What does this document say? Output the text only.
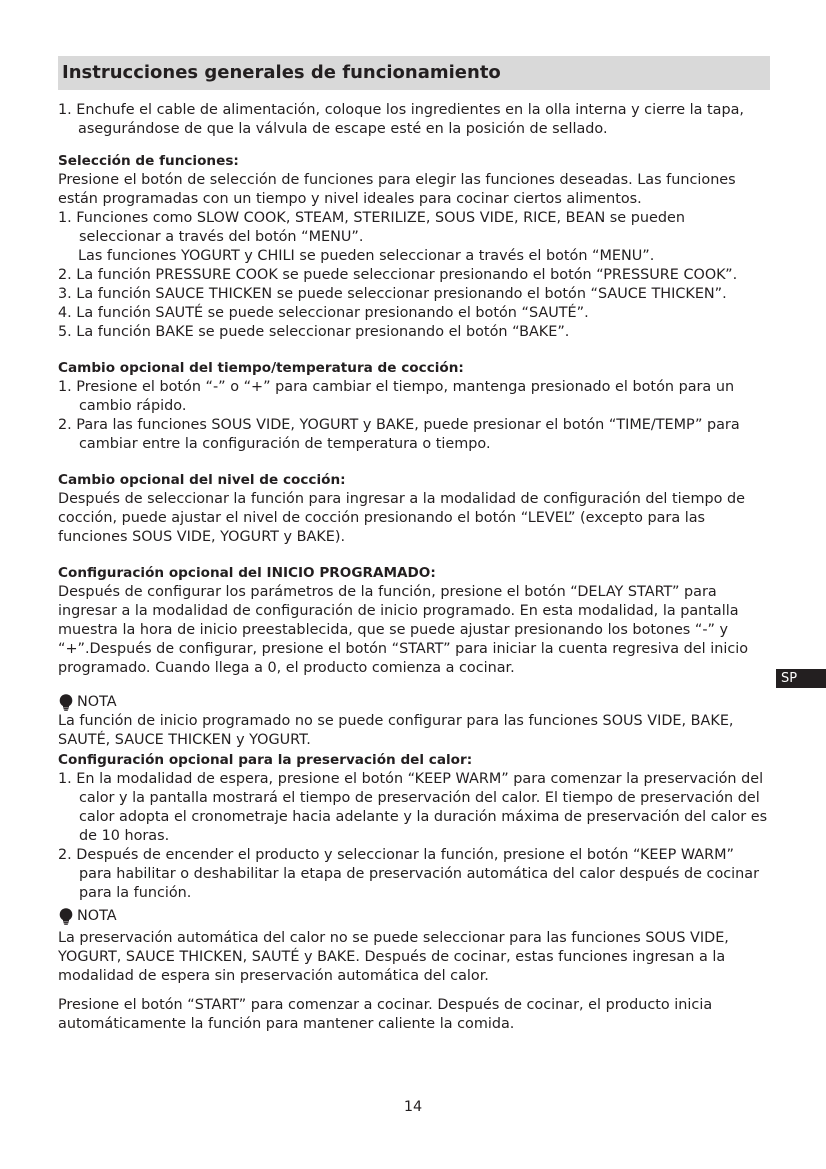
Instrucciones generales de funcionamiento

1. Enchufe el cable de alimentación, coloque los ingredientes en la olla interna y cierre la tapa, asegurándose de que la válvula de escape esté en la posición de sellado.

Selección de funciones:

Presione el botón de selección de funciones para elegir las funciones deseadas. Las funciones están programadas con un tiempo y nivel ideales para cocinar ciertos alimentos.

1. Funciones como SLOW COOK, STEAM, STERILIZE, SOUS VIDE, RICE, BEAN se pueden seleccionar a través del botón “MENU”.

Las funciones YOGURT y CHILI se pueden seleccionar a través el botón “MENU”.

2. La función PRESSURE COOK se puede seleccionar presionando el botón “PRESSURE COOK”.

3. La función SAUCE THICKEN se puede seleccionar presionando el botón “SAUCE THICKEN”.

4. La función SAUTÉ se puede seleccionar presionando el botón “SAUTÉ”.

5. La función BAKE se puede seleccionar presionando el botón “BAKE”.

Cambio opcional del tiempo/temperatura de cocción:

1. Presione el botón “-” o “+” para cambiar el tiempo, mantenga presionado el botón para un cambio rápido.

2. Para las funciones SOUS VIDE, YOGURT y BAKE, puede presionar el botón “TIME/TEMP” para cambiar entre la configuración de temperatura o tiempo.

Cambio opcional del nivel de cocción:

Después de seleccionar la función para ingresar a la modalidad de configuración del tiempo de cocción, puede ajustar el nivel de cocción presionando el botón “LEVEL” (excepto para las funciones SOUS VIDE, YOGURT y BAKE).

Configuración opcional del INICIO PROGRAMADO:

Después de configurar los parámetros de la función, presione el botón “DELAY START” para ingresar a la modalidad de configuración de inicio programado. En esta modalidad, la pantalla muestra la hora de inicio preestablecida, que se puede ajustar presionando los botones “-” y “+”.Después de configurar, presione el botón “START” para iniciar la cuenta regresiva del inicio programado. Cuando llega a 0, el producto comienza a cocinar.

NOTA

La función de inicio programado no se puede configurar para las funciones SOUS VIDE, BAKE, SAUTÉ, SAUCE THICKEN y YOGURT.

Configuración opcional para la preservación del calor:

1. En la modalidad de espera, presione el botón “KEEP WARM” para comenzar la preservación del calor y la pantalla mostrará el tiempo de preservación del calor. El tiempo de preservación del calor adopta el cronometraje hacia adelante y la duración máxima de preservación del calor es de 10 horas.

2. Después de encender el producto y seleccionar la función, presione el botón “KEEP WARM” para habilitar o deshabilitar la etapa de preservación automática del calor después de cocinar para la función.

NOTA

La preservación automática del calor no se puede seleccionar para las funciones SOUS VIDE, YOGURT, SAUCE THICKEN, SAUTÉ y BAKE. Después de cocinar, estas funciones ingresan a la modalidad de espera sin preservación automática del calor.

Presione el botón “START” para comenzar a cocinar. Después de cocinar, el producto inicia automáticamente la función para mantener caliente la comida.

SP
14
